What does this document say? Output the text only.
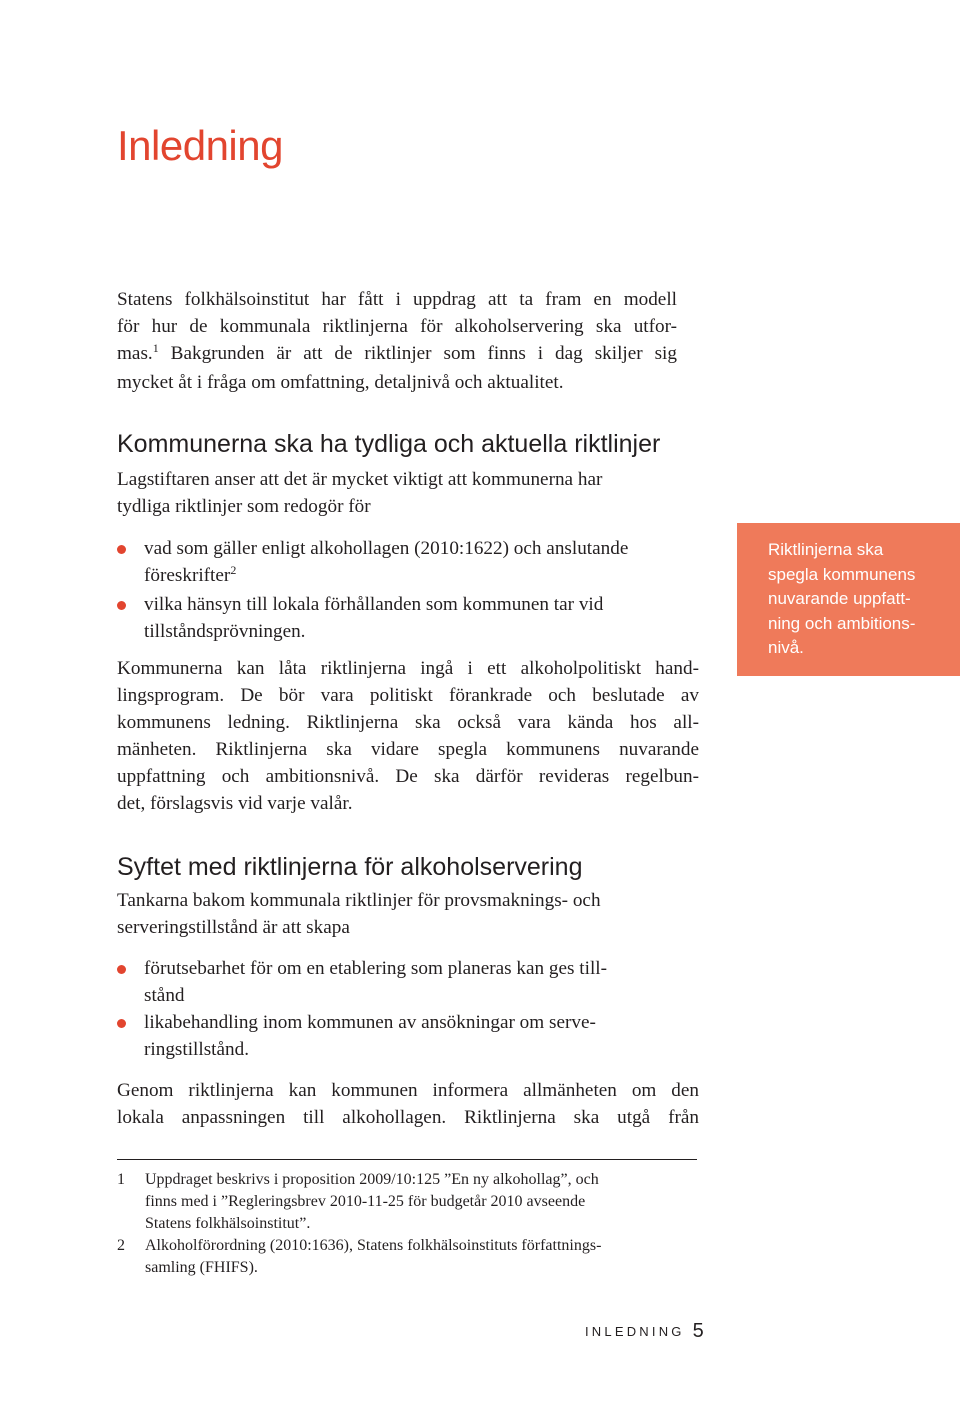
Inledning
Statens folkhälsoinstitut har fått i uppdrag att ta fram en modell
för hur de kommunala riktlinjerna för alkoholservering ska utfor-
mas.$^1$ Bakgrunden är att de riktlinjer som finns i dag skiljer sig
mycket åt i fråga om omfattning, detaljnivå och aktualitet.
Kommunerna ska ha tydliga och aktuella riktlinjer
Lagstiftaren anser att det är mycket viktigt att kommunerna har
tydliga riktlinjer som redogör för
vad som gäller enligt alkohollagen (2010:1622) och anslutande
föreskrifter$^2$
vilka hänsyn till lokala förhållanden som kommunen tar vid
tillståndsprövningen.
Kommunerna kan låta riktlinjerna ingå i ett alkoholpolitiskt hand-
lingsprogram. De bör vara politiskt förankrade och beslutade av
kommunens ledning. Riktlinjerna ska också vara kända hos all-
mänheten. Riktlinjerna ska vidare spegla kommunens nuvarande
uppfattning och ambitionsnivå. De ska därför revideras regelbun-
det, förslagsvis vid varje valår.
Riktlinjerna ska
spegla kommunens
nuvarande uppfatt-
ning och ambitions-
nivå.
Syftet med riktlinjerna för alkoholservering
Tankarna bakom kommunala riktlinjer för provsmaknings- och
serveringstillstånd är att skapa
förutsebarhet för om en etablering som planeras kan ges till-
stånd
likabehandling inom kommunen av ansökningar om serve-
ringstillstånd.
Genom riktlinjerna kan kommunen informera allmänheten om den
lokala anpassningen till alkohollagen. Riktlinjerna ska utgå från
1 Uppdraget beskrivs i proposition 2009/10:125 ”En ny alkohollag”, och
finns med i ”Regleringsbrev 2010-11-25 för budgetår 2010 avseende
Statens folkhälsoinstitut”.
2 Alkoholförordning (2010:1636), Statens folkhälsoinstituts författnings-
samling (FHIFS).
INLEDNING 5
